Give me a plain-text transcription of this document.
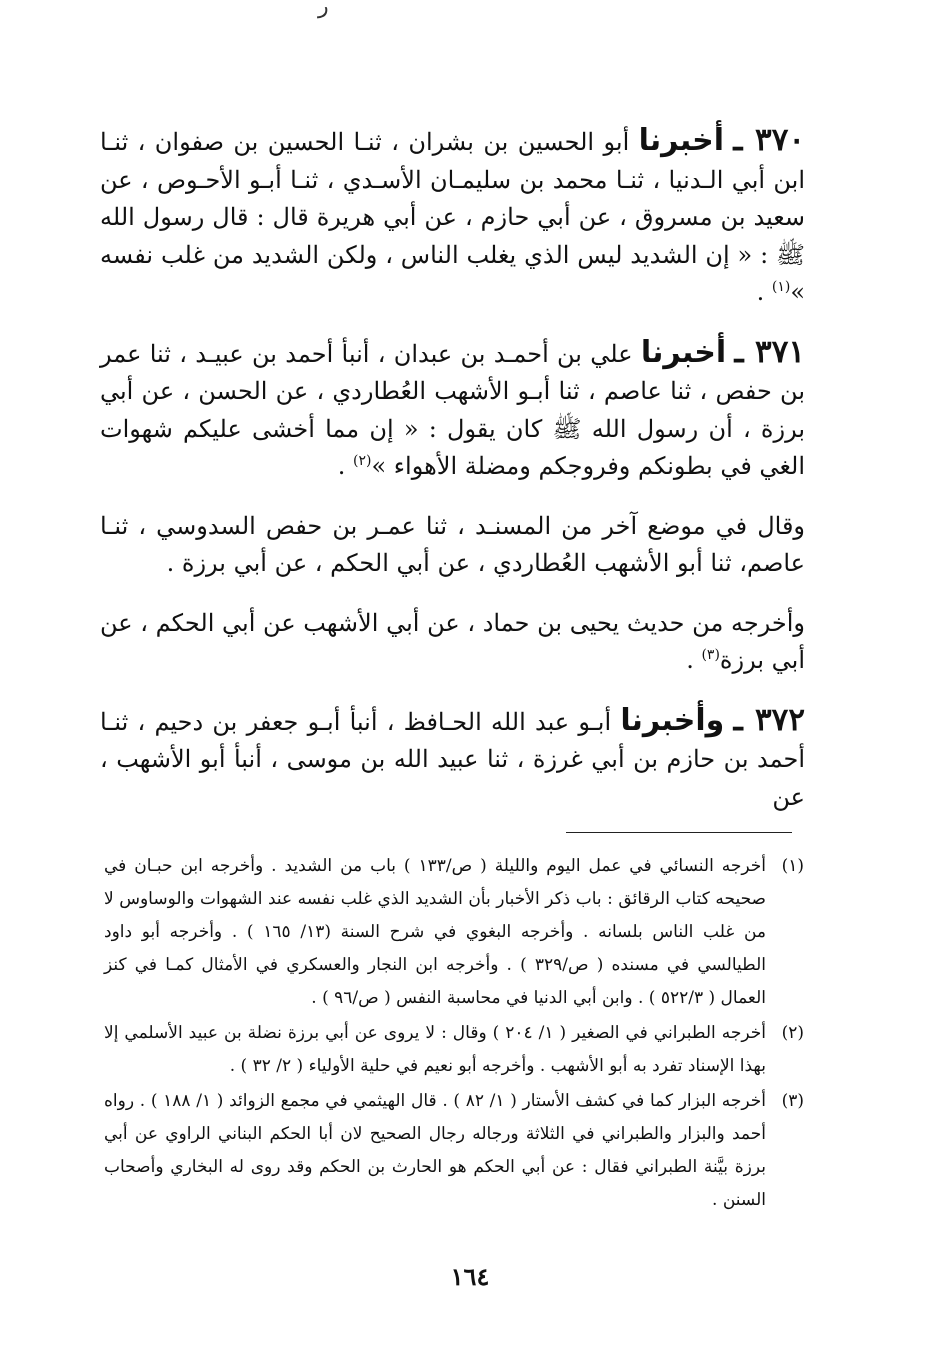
ر

٣٧٠ ـ أخبرنا أبو الحسين بن بشران ، ثنـا الحسين بن صفوان ، ثنـا ابن أبي الـدنيا ، ثنـا محمد بن سليمـان الأسـدي ، ثنـا أبـو الأحـوص ، عن سعيد بن مسروق ، عن أبي حازم ، عن أبي هريرة قال : قال رسول الله ﷺ : « إن الشديد ليس الذي يغلب الناس ، ولكن الشديد من غلب نفسه »$^{(١)}$ .

٣٧١ ـ أخبرنا علي بن أحمـد بن عبدان ، أنبأ أحمد بن عبيـد ، ثنا عمر بن حفص ، ثنا عاصم ، ثنا أبـو الأشهب العُطاردي ، عن الحسن ، عن أبي برزة ، أن رسول الله ﷺ كان يقول : « إن مما أخشى عليكم شهوات الغي في بطونكم وفروجكم ومضلة الأهواء »$^{(٢)}$ .

وقال في موضع آخر من المسنـد ، ثنا عمـر بن حفص السدوسي ، ثنـا عاصم، ثنا أبو الأشهب العُطاردي ، عن أبي الحكم ، عن أبي برزة .

وأخرجه من حديث يحيى بن حماد ، عن أبي الأشهب عن أبي الحكم ، عن أبي برزة$^{(٣)}$ .

٣٧٢ ـ وأخبرنا أبـو عبد الله الحـافظ ، أنبأ أبـو جعفر بن دحيم ، ثنـا أحمد بن حازم بن أبي غرزة ، ثنا عبيد الله بن موسى ، أنبأ أبو الأشهب ، عن

(١)
أخرجه النسائي في عمل اليوم والليلة ( ص/١٣٣ ) باب من الشديد . وأخرجه ابن حبـان في صحيحه كتاب الرقائق : باب ذكر الأخبار بأن الشديد الذي غلب نفسه عند الشهوات والوساوس لا من غلب الناس بلسانه . وأخرجه البغوي في شرح السنة (١٣/ ١٦٥ ) . وأخرجه أبو داود الطيالسي في مسنده ( ص/٣٢٩ ) . وأخرجه ابن النجار والعسكري في الأمثال كمـا في كنز العمال ( ٥٢٢/٣ ) . وابن أبي الدنيا في محاسبة النفس ( ص/٩٦ ) .
(٢)
أخرجه الطبراني في الصغير ( ١/ ٢٠٤ ) وقال : لا يروى عن أبي برزة نضلة بن عبيد الأسلمي إلا بهذا الإسناد تفرد به أبو الأشهب . وأخرجه أبو نعيم في حلية الأولياء ( ٢/ ٣٢ ) .
(٣)
أخرجه البزار كما في كشف الأستار ( ١/ ٨٢ ) . قال الهيثمي في مجمع الزوائد ( ١/ ١٨٨ ) . رواه أحمد والبزار والطبراني في الثلاثة ورجاله رجال الصحيح لان أبا الحكم البناني الراوي عن أبي برزة بيَّنة الطبراني فقال : عن أبي الحكم هو الحارث بن الحكم وقد روى له البخاري وأصحاب السنن .
١٦٤
